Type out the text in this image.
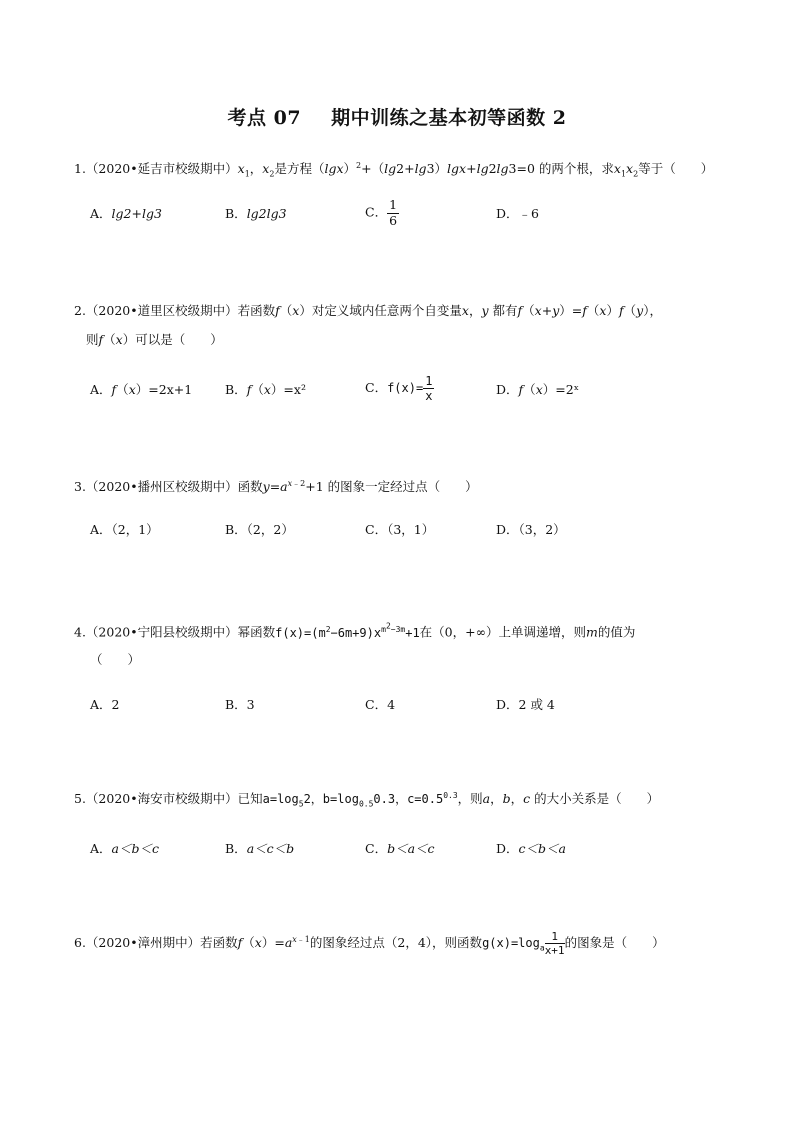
考点 07 期中训练之基本初等函数 2
1.（2020•延吉市校级期中）$x_1$，$x_2$是方程$(\lg x)^2+(\lg 2+\lg 3)\lg x+\lg 2\lg 3=0$ 的两个根，求$x_1x_2$等于（　　）
A．lg2+lg3	B．lg2lg3	C． $\frac{1}{6}$	D．﹣6
2.（2020•道里区校级期中）若函数f（x）对定义域内任意两个自变量x，y 都有f（x+y）=f（x）f（y），
则f（x）可以是（　　）
A．f（x）=2x+1	B．f（x）=x²	C．$f(x)= \frac{1}{x}$	D．f（x）=2ˣ
3.（2020•播州区校级期中）函数$y=a^{x﹣2}+1$ 的图象一定经过点（　　）
A．（2，1）	B．（2，2）	C．（3，1）	D．（3，2）
4.（2020•宁阳县校级期中）幂函数$f(x)=(m^2-6m+9)x^{m^2-3m}+1$在（0，+∞）上单调递增，则m的值为
（　　）
A．2	B．3	C．4	D．2 或 4
5.（2020•海安市校级期中）已知$a=\log_52$，$b=\log_{0.5}0.3$，$c=0.5^{0.3}$，则a，b，c 的大小关系是（　　）
A．a＜b＜c	B．a＜c＜b	C．b＜a＜c	D．c＜b＜a
6.（2020•漳州期中）若函数$f(x)=a^{x﹣1}$的图象经过点（2，4），则函数$g(x)=\log_a \frac{1}{x+1}$ 的图象是（　　）
